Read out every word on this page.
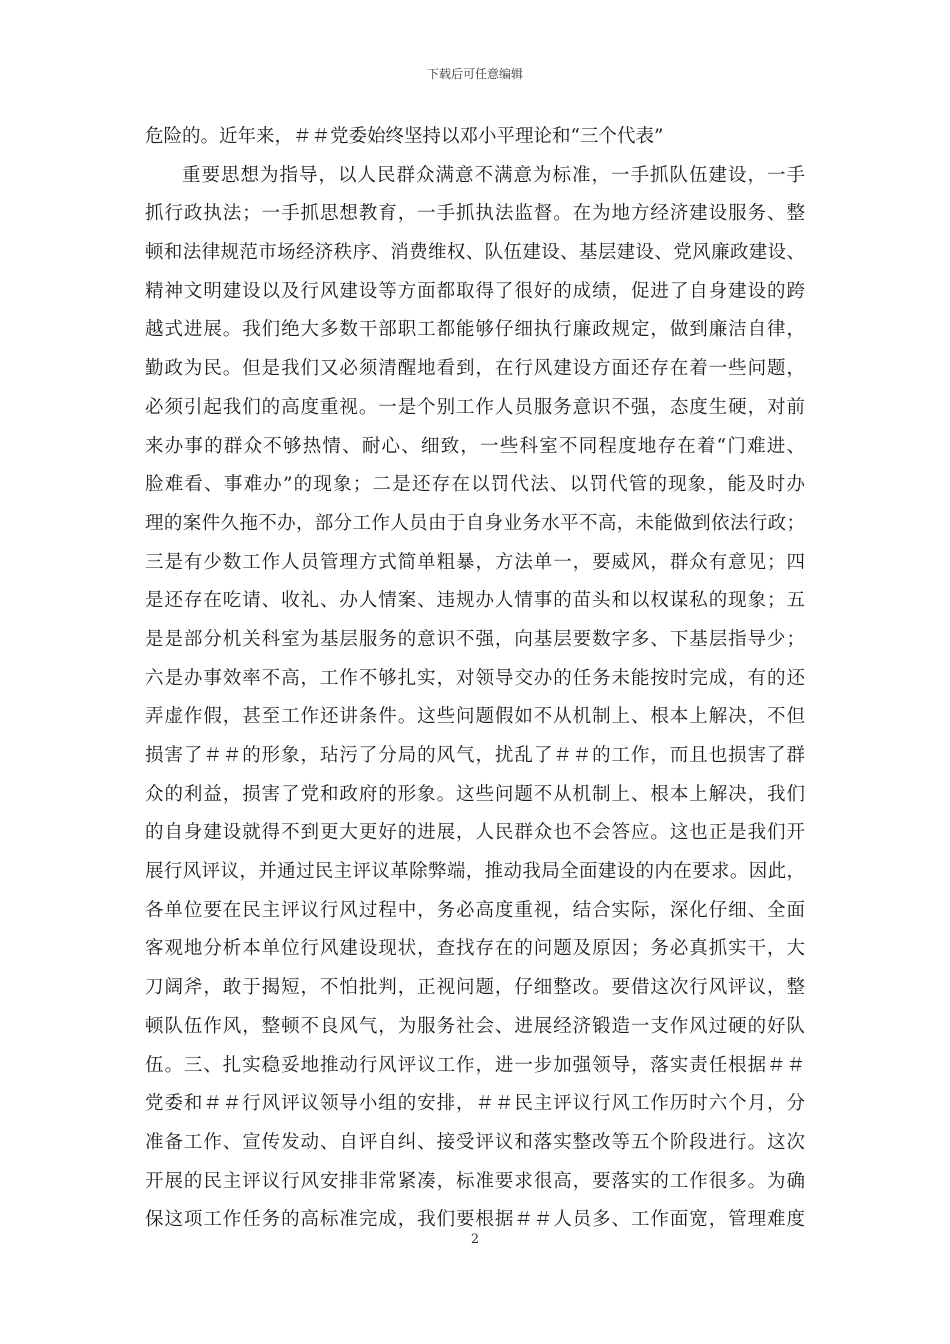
下载后可任意编辑
危险的。近年来，＃＃党委始终坚持以邓小平理论和“三个代表”
重要思想为指导，以人民群众满意不满意为标准，一手抓队伍建设，一手
抓行政执法；一手抓思想教育，一手抓执法监督。在为地方经济建设服务、整
顿和法律规范市场经济秩序、消费维权、队伍建设、基层建设、党风廉政建设、
精神文明建设以及行风建设等方面都取得了很好的成绩，促进了自身建设的跨
越式进展。我们绝大多数干部职工都能够仔细执行廉政规定，做到廉洁自律，
勤政为民。但是我们又必须清醒地看到，在行风建设方面还存在着一些问题，
必须引起我们的高度重视。一是个别工作人员服务意识不强，态度生硬，对前
来办事的群众不够热情、耐心、细致，一些科室不同程度地存在着“门难进、
脸难看、事难办”的现象；二是还存在以罚代法、以罚代管的现象，能及时办
理的案件久拖不办，部分工作人员由于自身业务水平不高，未能做到依法行政；
三是有少数工作人员管理方式简单粗暴，方法单一，要威风，群众有意见；四
是还存在吃请、收礼、办人情案、违规办人情事的苗头和以权谋私的现象；五
是是部分机关科室为基层服务的意识不强，向基层要数字多、下基层指导少；
六是办事效率不高，工作不够扎实，对领导交办的任务未能按时完成，有的还
弄虚作假，甚至工作还讲条件。这些问题假如不从机制上、根本上解决，不但
损害了＃＃的形象，玷污了分局的风气，扰乱了＃＃的工作，而且也损害了群
众的利益，损害了党和政府的形象。这些问题不从机制上、根本上解决，我们
的自身建设就得不到更大更好的进展，人民群众也不会答应。这也正是我们开
展行风评议，并通过民主评议革除弊端，推动我局全面建设的内在要求。因此，
各单位要在民主评议行风过程中，务必高度重视，结合实际，深化仔细、全面
客观地分析本单位行风建设现状，查找存在的问题及原因；务必真抓实干，大
刀阔斧，敢于揭短，不怕批判，正视问题，仔细整改。要借这次行风评议，整
顿队伍作风，整顿不良风气，为服务社会、进展经济锻造一支作风过硬的好队
伍。三、扎实稳妥地推动行风评议工作，进一步加强领导，落实责任根据＃＃
党委和＃＃行风评议领导小组的安排，＃＃民主评议行风工作历时六个月，分
准备工作、宣传发动、自评自纠、接受评议和落实整改等五个阶段进行。这次
开展的民主评议行风安排非常紧凑，标准要求很高，要落实的工作很多。为确
保这项工作任务的高标准完成，我们要根据＃＃人员多、工作面宽，管理难度
2
